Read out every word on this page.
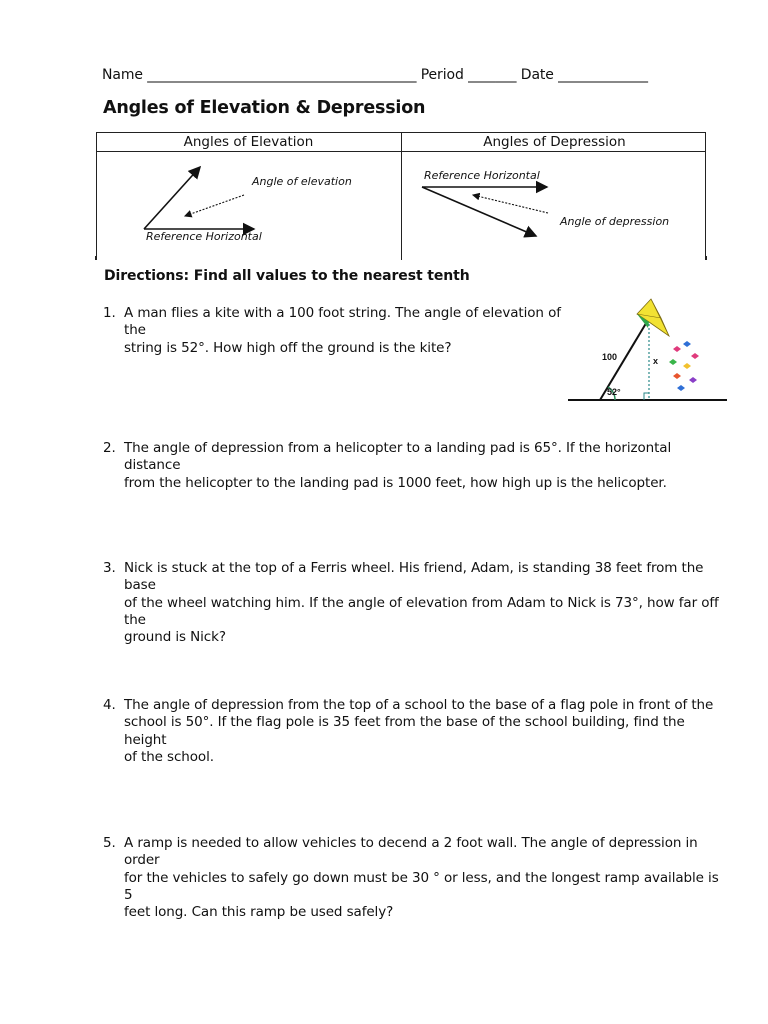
Name _______________________________________ Period _______ Date _____________
Angles of Elevation & Depression
Angles of Elevation	Angles of Depression
Angle of elevation
Reference Horizontal
Reference Horizontal
Angle of depression
Directions: Find all values to the nearest tenth
1. A man flies a kite with a 100 foot string. The angle of elevation of the
string is 52°. How high off the ground is the kite?
100	x
52°
2. The angle of depression from a helicopter to a landing pad is 65°. If the horizontal distance
from the helicopter to the landing pad is 1000 feet, how high up is the helicopter.
3. Nick is stuck at the top of a Ferris wheel. His friend, Adam, is standing 38 feet from the base
of the wheel watching him. If the angle of elevation from Adam to Nick is 73°, how far off the
ground is Nick?
4. The angle of depression from the top of a school to the base of a flag pole in front of the
school is 50°. If the flag pole is 35 feet from the base of the school building, find the height
of the school.
5. A ramp is needed to allow vehicles to decend a 2 foot wall. The angle of depression in order
for the vehicles to safely go down must be 30 ° or less, and the longest ramp available is 5
feet long. Can this ramp be used safely?
